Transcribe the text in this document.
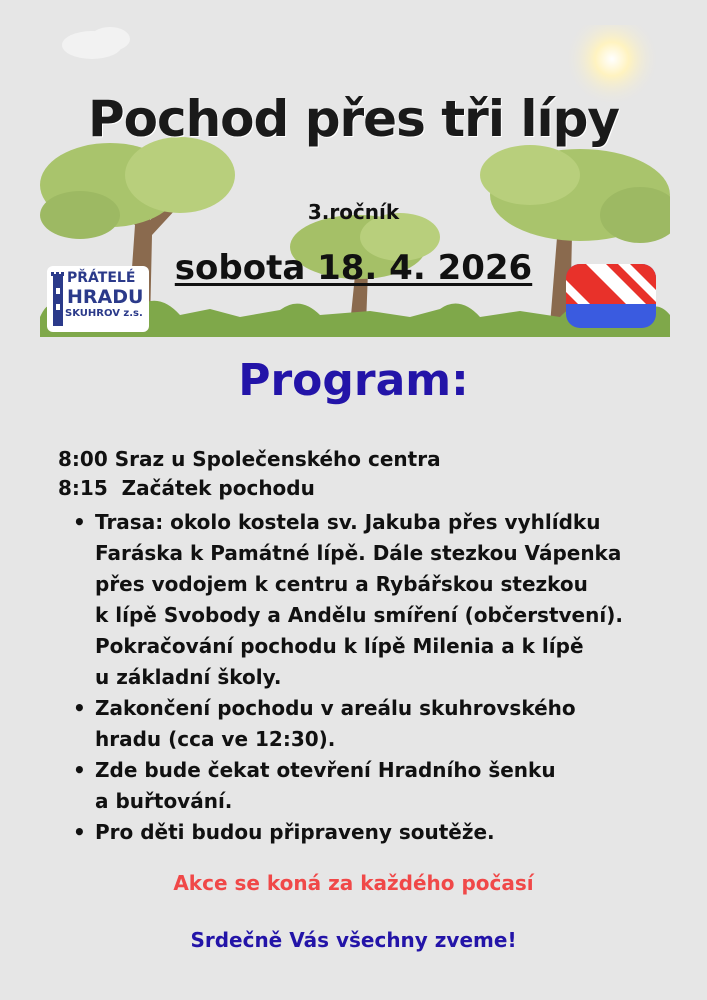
Pochod přes tři lípy
3.ročník
sobota 18. 4. 2026
PŘÁTELÉ
HRADU
SKUHROV z.s.
Program:
8:00 Sraz u Společenského centra
8:15  Začátek pochodu
• Trasa: okolo kostela sv. Jakuba přes vyhlídku
Faráska k Památné lípě. Dále stezkou Vápenka
přes vodojem k centru a Rybářskou stezkou
k lípě Svobody a Andělu smíření (občerstvení).
Pokračování pochodu k lípě Milenia a k lípě
u základní školy.
• Zakončení pochodu v areálu skuhrovského
hradu (cca ve 12:30).
• Zde bude čekat otevření Hradního šenku
a buřtování.
• Pro děti budou připraveny soutěže.
Akce se koná za každého počasí
Srdečně Vás všechny zveme!
